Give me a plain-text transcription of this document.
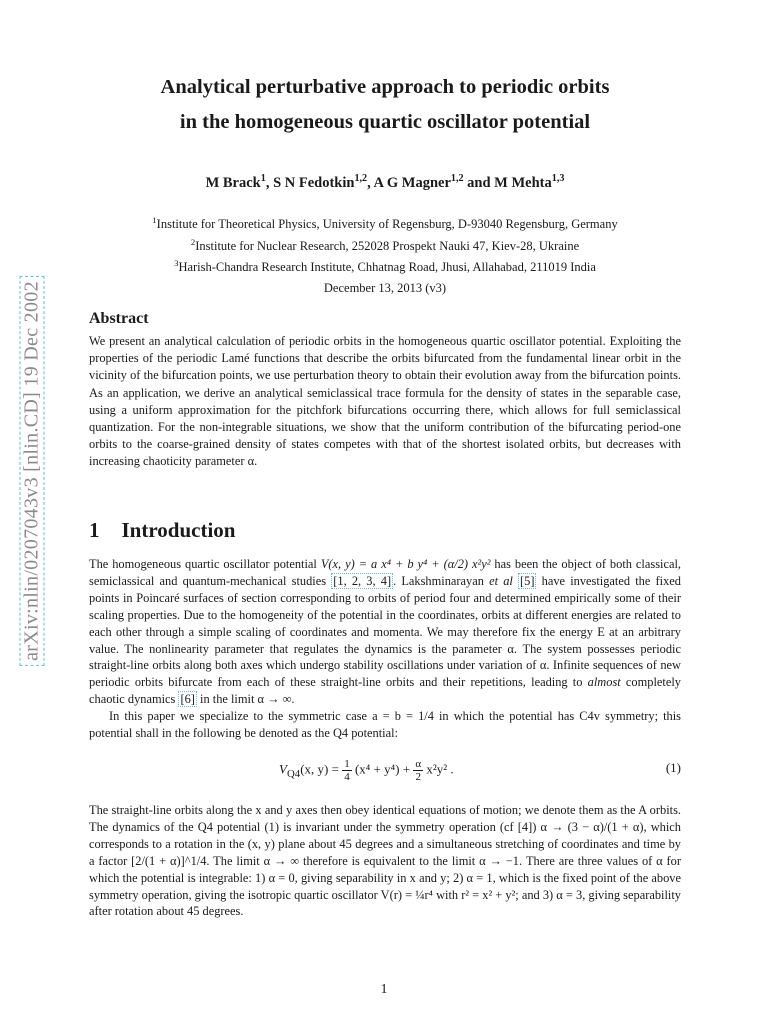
arXiv:nlin/0207043v3 [nlin.CD] 19 Dec 2002
Analytical perturbative approach to periodic orbits
in the homogeneous quartic oscillator potential
M Brack$^1$, S N Fedotkin$^{1,2}$, A G Magner$^{1,2}$ and M Mehta$^{1,3}$
$^1$Institute for Theoretical Physics, University of Regensburg, D-93040 Regensburg, Germany
$^2$Institute for Nuclear Research, 252028 Prospekt Nauki 47, Kiev-28, Ukraine
$^3$Harish-Chandra Research Institute, Chhatnag Road, Jhusi, Allahabad, 211019 India
December 13, 2013 (v3)
Abstract
We present an analytical calculation of periodic orbits in the homogeneous quartic oscillator potential. Exploiting the properties of the periodic Lamé functions that describe the orbits bifurcated from the fundamental linear orbit in the vicinity of the bifurcation points, we use perturbation theory to obtain their evolution away from the bifurcation points. As an application, we derive an analytical semiclassical trace formula for the density of states in the separable case, using a uniform approximation for the pitchfork bifurcations occurring there, which allows for full semiclassical quantization. For the non-integrable situations, we show that the uniform contribution of the bifurcating period-one orbits to the coarse-grained density of states competes with that of the shortest isolated orbits, but decreases with increasing chaoticity parameter α.
1 Introduction

The homogeneous quartic oscillator potential V(x, y) = a x⁴ + b y⁴ + (α/2) x²y² has been the object of both classical, semiclassical and quantum-mechanical studies [1, 2, 3, 4] . Lakshminarayan et al [5] have investigated the fixed points in Poincaré surfaces of section corresponding to orbits of period four and determined empirically some of their scaling properties. Due to the homogeneity of the potential in the coordinates, orbits at different energies are related to each other through a simple scaling of coordinates and momenta. We may therefore fix the energy E at an arbitrary value. The nonlinearity parameter that regulates the dynamics is the parameter α. The system possesses periodic straight-line orbits along both axes which undergo stability oscillations under variation of α. Infinite sequences of new periodic orbits bifurcate from each of these straight-line orbits and their repetitions, leading to almost completely chaotic dynamics [6] in the limit α → ∞.

In this paper we specialize to the symmetric case a = b = 1/4 in which the potential has C4v symmetry; this potential shall in the following be denoted as the Q4 potential:

$V_{Q4}(x$, $y) = \frac{1}{4} (x^4 + y^4) + \frac{\alpha}{2} x^2y^2$ .	(1)
The straight-line orbits along the x and y axes then obey identical equations of motion; we denote them as the A orbits. The dynamics of the Q4 potential (1) is invariant under the symmetry operation (cf [4]) α → (3 − α)/(1 + α), which corresponds to a rotation in the (x, y) plane about 45 degrees and a simultaneous stretching of coordinates and time by a factor [2/(1 + α)]^1/4. The limit α → ∞ therefore is equivalent to the limit α → −1. There are three values of α for which the potential is integrable: 1) α = 0, giving separability in x and y; 2) α = 1, which is the fixed point of the above symmetry operation, giving the isotropic quartic oscillator V(r) = ¼r⁴ with r² = x² + y²; and 3) α = 3, giving separability after rotation about 45 degrees.
1
